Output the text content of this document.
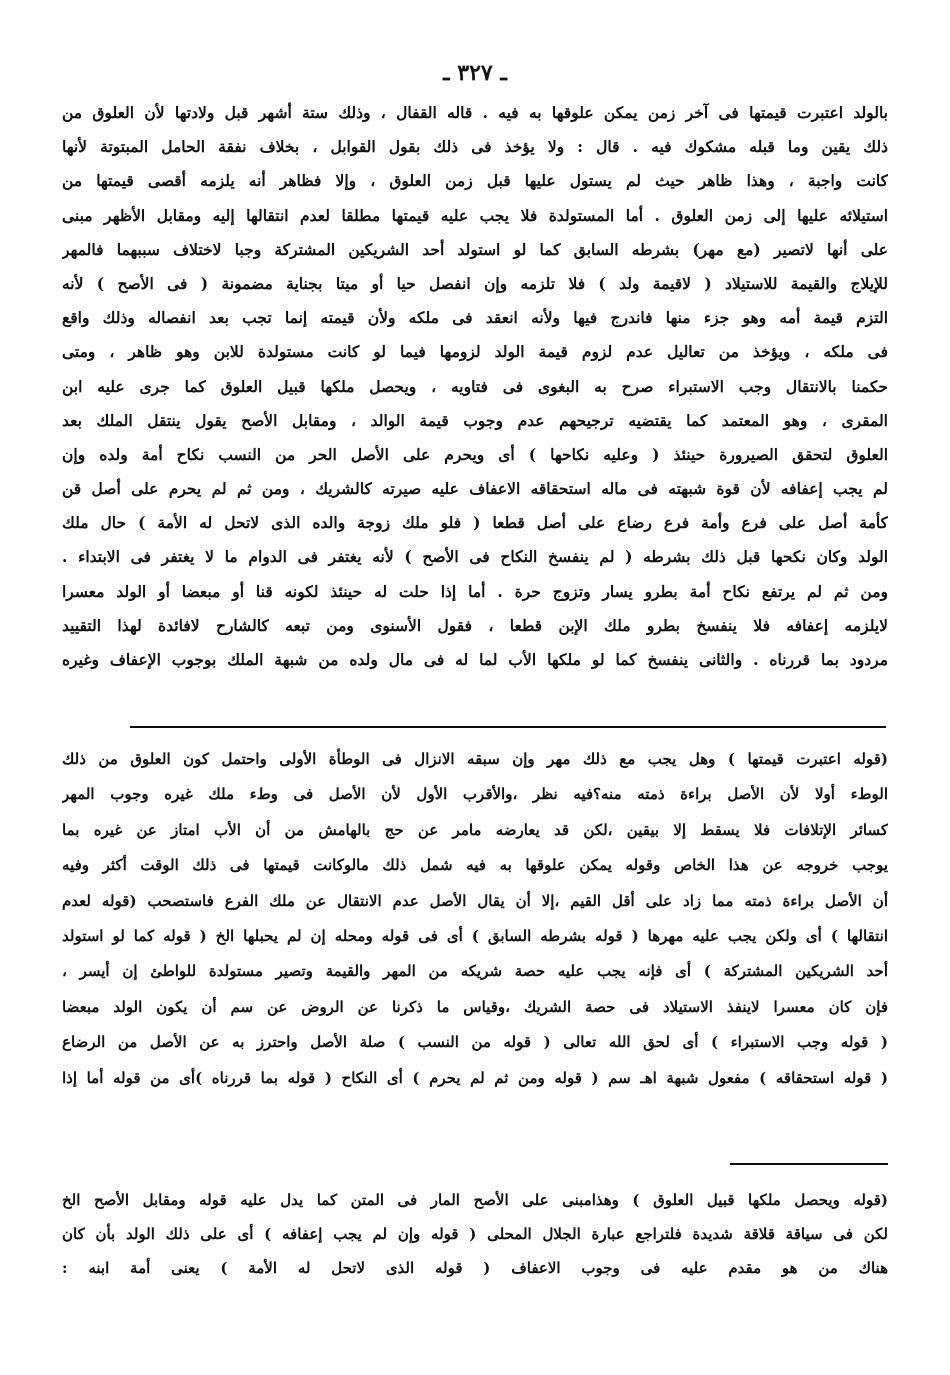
ـ ٣٢٧ ـ
بالولد اعتبرت قيمتها فى آخر زمن يمكن علوقها به فيه . قاله القفال ، وذلك ستة أشهر قبل ولادتها لأن العلوق من
ذلك يقين وما قبله مشكوك فيه . قال : ولا يؤخذ فى ذلك بقول القوابل ، بخلاف نفقة الحامل المبتوتة لأنها
كانت واجبة ، وهذا ظاهر حيث لم يستول عليها قبل زمن العلوق ، وإلا فظاهر أنه يلزمه أقصى قيمتها من
استيلائه عليها إلى زمن العلوق . أما المستولدة فلا يجب عليه قيمتها مطلقا لعدم انتقالها إليه ومقابل الأظهر مبنى
على أنها لاتصير (مع مهر) بشرطه السابق كما لو استولد أحد الشريكين المشتركة وجبا لاختلاف سببهما فالمهر
للإيلاج والقيمة للاستيلاد ( لاقيمة ولد ) فلا تلزمه وإن انفصل حيا أو ميتا بجناية مضمونة ( فى الأصح ) لأنه
التزم قيمة أمه وهو جزء منها فاندرج فيها ولأنه انعقد فى ملكه ولأن قيمته إنما تجب بعد انفصاله وذلك واقع
فى ملكه ، ويؤخذ من تعاليل عدم لزوم قيمة الولد لزومها فيما لو كانت مستولدة للابن وهو ظاهر ، ومتى
حكمنا بالانتقال وجب الاستبراء صرح به البغوى فى فتاويه ، ويحصل ملكها قبيل العلوق كما جرى عليه ابن
المقرى ، وهو المعتمد كما يقتضيه ترجيحهم عدم وجوب قيمة الوالد ، ومقابل الأصح يقول ينتقل الملك بعد
العلوق لتحقق الصيرورة حينئذ ( وعليه نكاحها ) أى ويحرم على الأصل الحر من النسب نكاح أمة ولده وإن
لم يجب إعفافه لأن قوة شبهته فى ماله استحقاقه الاعفاف عليه صيرته كالشريك ، ومن ثم لم يحرم على أصل قن
كأمة أصل على فرع وأمة فرع رضاع على أصل قطعا ( فلو ملك زوجة والده الذى لاتحل له الأمة ) حال ملك
الولد وكان نكحها قبل ذلك بشرطه ( لم ينفسخ النكاح فى الأصح ) لأنه يغتفر فى الدوام ما لا يغتفر فى الابتداء .
ومن ثم لم يرتفع نكاح أمة بطرو يسار وتزوج حرة . أما إذا حلت له حينئذ لكونه قنا أو مبعضا أو الولد معسرا
لايلزمه إعفافه فلا ينفسخ بطرو ملك الإبن قطعا ، فقول الأسنوى ومن تبعه كالشارح لافائدة لهذا التقييد
مردود بما قررناه . والثانى ينفسخ كما لو ملكها الأب لما له فى مال ولده من شبهة الملك بوجوب الإعفاف وغيره
(قوله اعتبرت قيمتها ) وهل يجب مع ذلك مهر وإن سبقه الانزال فى الوطأة الأولى واحتمل كون العلوق من ذلك
الوطء أولا لأن الأصل براءة ذمته منه؟فيه نظر ،والأقرب الأول لأن الأصل فى وطء ملك غيره وجوب المهر
كسائر الإتلافات فلا يسقط إلا بيقين ،لكن قد يعارضه مامر عن حج بالهامش من أن الأب امتاز عن غيره بما
يوجب خروجه عن هذا الخاص وقوله يمكن علوقها به فيه شمل ذلك مالوكانت قيمتها فى ذلك الوقت أكثر وفيه
أن الأصل براءة ذمته مما زاد على أقل القيم ،إلا أن يقال الأصل عدم الانتقال عن ملك الفرع فاستصحب (قوله لعدم
انتقالها ) أى ولكن يجب عليه مهرها ( قوله بشرطه السابق ) أى فى قوله ومحله إن لم يحبلها الخ ( قوله كما لو استولد
أحد الشريكين المشتركة ) أى فإنه يجب عليه حصة شريكه من المهر والقيمة وتصير مستولدة للواطئ إن أيسر ،
فإن كان معسرا لاينفذ الاستيلاد فى حصة الشريك ،وقياس ما ذكرنا عن الروض عن سم أن يكون الولد مبعضا
( قوله وجب الاستبراء ) أى لحق الله تعالى ( قوله من النسب ) صلة الأصل واحترز به عن الأصل من الرضاع
( قوله استحقاقه ) مفعول شبهة اهـ سم ( قوله ومن ثم لم يحرم ) أى النكاح ( قوله بما قررناه )أى من قوله أما إذا
(قوله ويحصل ملكها قبيل العلوق ) وهذامبنى على الأصح المار فى المتن كما يدل عليه قوله ومقابل الأصح الخ
لكن فى سياقة قلاقة شديدة فلتراجع عبارة الجلال المحلى ( قوله وإن لم يجب إعفافه ) أى على ذلك الولد بأن كان
هناك من هو مقدم عليه فى وجوب الاعفاف ( قوله الذى لاتحل له الأمة ) يعنى أمة ابنه :
